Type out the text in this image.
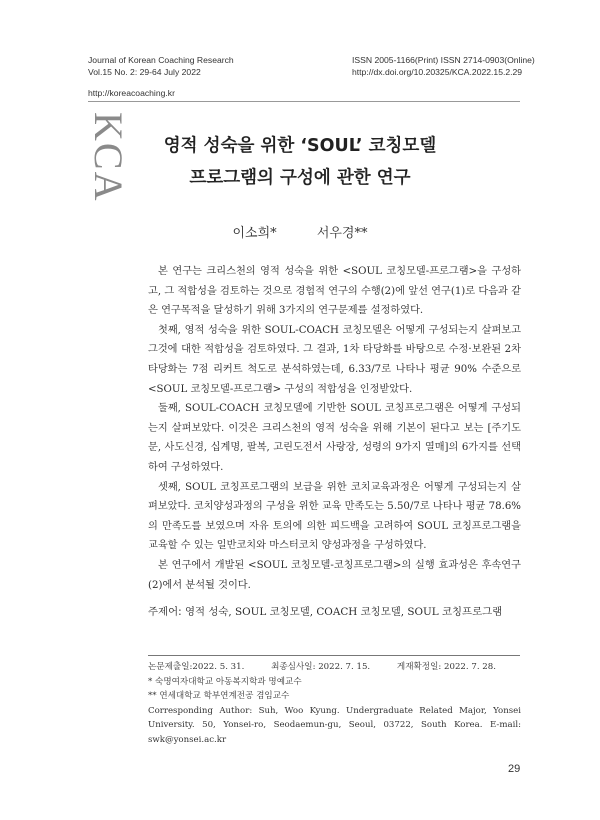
Journal of Korean Coaching Research
Vol.15 No. 2: 29-64 July 2022
ISSN 2005-1166(Print) ISSN 2714-0903(Online)
http://dx.doi.org/10.20325/KCA.2022.15.2.29
http://koreacoaching.kr
KCA	영적 성숙을 위한 ‘SOUL’ 코칭모델
프로그램의 구성에 관한 연구
이소희*	서우경**

본 연구는 크리스천의 영적 성숙을 위한 <SOUL 코칭모델-프로그램>을 구성하고, 그 적합성을 검토하는 것으로 경험적 연구의 수행(2)에 앞선 연구(1)로 다음과 같은 연구목적을 달성하기 위해 3가지의 연구문제를 설정하였다.

첫째, 영적 성숙을 위한 SOUL-COACH 코칭모델은 어떻게 구성되는지 살펴보고 그것에 대한 적합성을 검토하였다. 그 결과, 1차 타당화를 바탕으로 수정·보완된 2차 타당화는 7점 리커트 척도로 분석하였는데, 6.33/7로 나타나 평균 90% 수준으로 <SOUL 코칭모델-프로그램> 구성의 적합성을 인정받았다.

둘째, SOUL-COACH 코칭모델에 기반한 SOUL 코칭프로그램은 어떻게 구성되는지 살펴보았다. 이것은 크리스천의 영적 성숙을 위해 기본이 된다고 보는 [주기도문, 사도신경, 십계명, 팔복, 고린도전서 사랑장, 성령의 9가지 열매]의 6가지를 선택하여 구성하였다.

셋째, SOUL 코칭프로그램의 보급을 위한 코치교육과정은 어떻게 구성되는지 살펴보았다. 코치양성과정의 구성을 위한 교육 만족도는 5.50/7로 나타나 평균 78.6%의 만족도를 보였으며 자유 토의에 의한 피드백을 고려하여 SOUL 코칭프로그램을 교육할 수 있는 일반코치와 마스터코치 양성과정을 구성하였다.

본 연구에서 개발된 <SOUL 코칭모델-코칭프로그램>의 실행 효과성은 후속연구(2)에서 분석될 것이다.

주제어: 영적 성숙, SOUL 코칭모델, COACH 코칭모델, SOUL 코칭프로그램
논문제출일:2022. 5. 31.	최종심사일: 2022. 7. 15.	게재확정일: 2022. 7. 28.
* 숙명여자대학교 아동복지학과 명예교수
** 연세대학교 학부연계전공 겸임교수
Corresponding Author: Suh, Woo Kyung. Undergraduate Related Major, Yonsei University. 50, Yonsei-ro, Seodaemun-gu, Seoul, 03722, South Korea. E-mail: swk@yonsei.ac.kr
29
